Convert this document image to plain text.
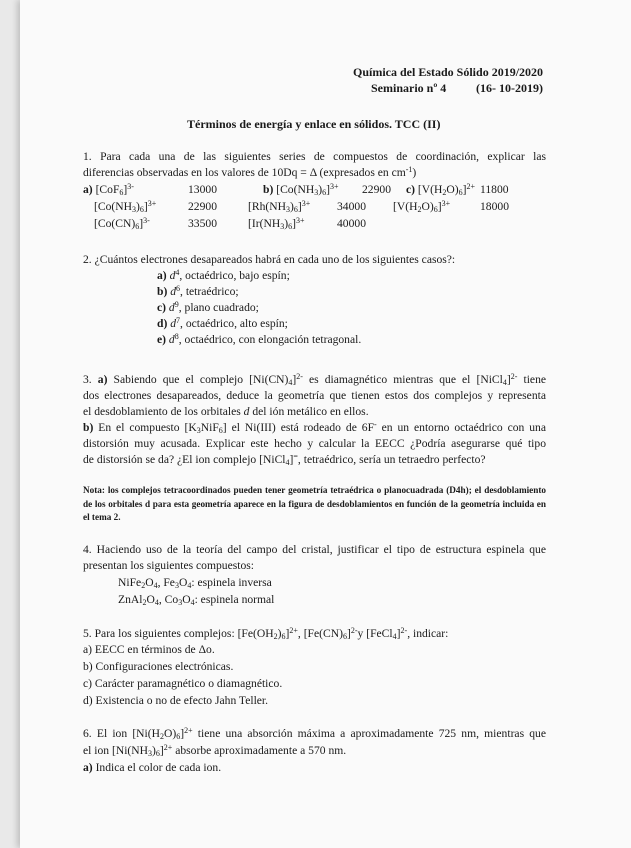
Química del Estado Sólido 2019/2020
Seminario nº 4 (16- 10-2019)
Términos de energía y enlace en sólidos. TCC (II)
1. Para cada una de las siguientes series de compuestos de coordinación, explicar las
diferencias observadas en los valores de 10Dq = Δ (expresados en $cm^{-1}$)
a) $[CoF_6]^{3-}$	13000	b) $[Co(NH_3)_6]^{3+}$ 22900 c) $[V(H_2O)_6]^{2+}$ 11800
$[Co(NH_3)_6]^{3+}$	22900	$[Rh(NH_3)_6]^{3+}$ 34000 $[V(H_2O)_6]^{3+}$	18000
$[Co(CN)_6]^{3-}$	33500	$[Ir(NH_3)_6]^{3+}$	40000
2. ¿Cuántos electrones desapareados habrá en cada uno de los siguientes casos?:
a) $d^4$, octaédrico, bajo espín;
b) $d^6$, tetraédrico;
c) $d^9$, plano cuadrado;
d) $d^7$, octaédrico, alto espín;
e) $d^8$, octaédrico, con elongación tetragonal.
3. a) Sabiendo que el complejo $[Ni(CN)_4]^{2-}$ es diamagnético mientras que el [NiCl$_4$]$^{2-}$ tiene
dos electrones desapareados, deduce la geometría que tienen estos dos complejos y representa
el desdoblamiento de los orbitales d del ión metálico en ellos.
b) En el compuesto $[K_3NiF_6]$ el Ni(III) está rodeado de 6F- en un entorno octaédrico con una
distorsión muy acusada. Explicar este hecho y calcular la EECC ¿Podría asegurarse qué tipo
de distorsión se da? ¿El ion complejo [NiCl$_4$]=, tetraédrico, sería un tetraedro perfecto?
Nota: los complejos tetracoordinados pueden tener geometría tetraédrica o planocuadrada (D4h); el desdoblamiento de los orbitales d para esta geometría aparece en la figura de desdoblamientos en función de la geometría incluida en el tema 2.
4. Haciendo uso de la teoría del campo del cristal, justificar el tipo de estructura espinela que
presentan los siguientes compuestos:
$NiFe_2O_4$, $Fe_3O_4$: espinela inversa
$ZnAl_2O_4$, $Co_3O_4$: espinela normal
5. Para los siguientes complejos: $[Fe(OH_2)_6]^{2+}$, $[Fe(CN)_6]^{2-}y$ [FeCl$_4$]$^{2-}$, indicar:
a) EECC en términos de Δo.
b) Configuraciones electrónicas.
c) Carácter paramagnético o diamagnético.
d) Existencia o no de efecto Jahn Teller.
6. El ion $[Ni(H_2O)_6]^{2+}$ tiene una absorción máxima a aproximadamente 725 nm, mientras que
el ion $[Ni(NH_3)_6]^{2+}$ absorbe aproximadamente a 570 nm.
a) Indica el color de cada ion.
